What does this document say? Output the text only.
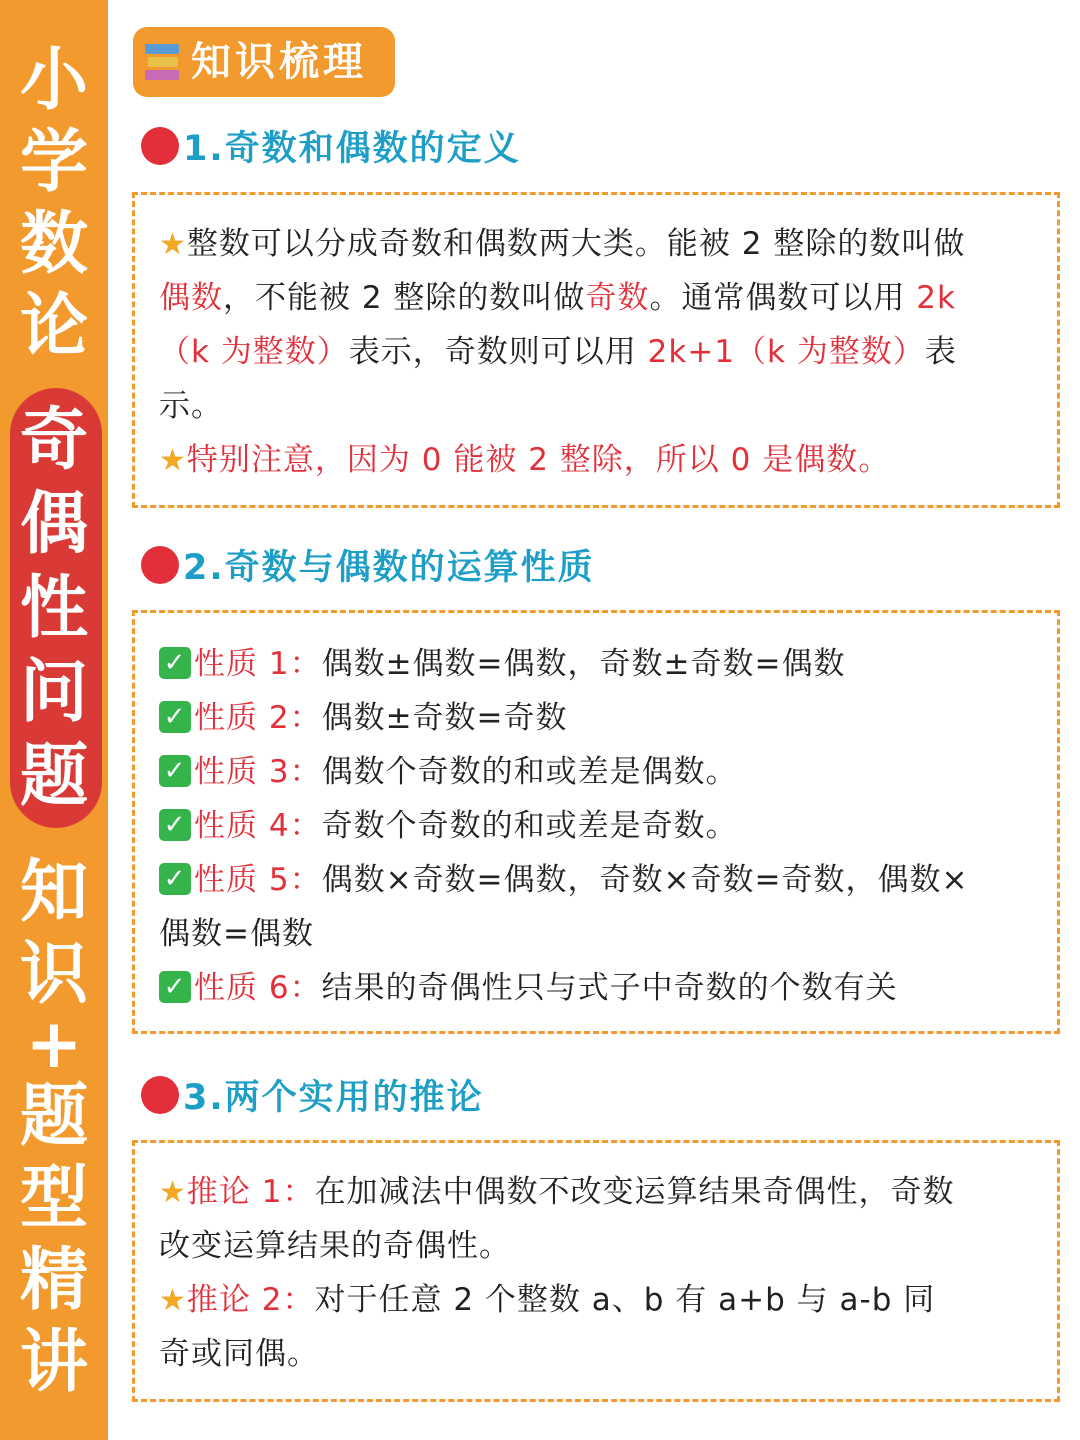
小
学
数
论
奇
偶
性
问
题
知
识
+
题
型
精
讲
知识梳理
1.奇数和偶数的定义
★整数可以分成奇数和偶数两大类。能被 2 整除的数叫做
偶数，不能被 2 整除的数叫做奇数。通常偶数可以用 2k
（k 为整数）表示，奇数则可以用 2k+1（k 为整数）表
示。
★特别注意，因为 0 能被 2 整除，所以 0 是偶数。
2.奇数与偶数的运算性质
✓ 性质 1：偶数±偶数=偶数，奇数±奇数=偶数
✓ 性质 2：偶数±奇数=奇数
✓ 性质 3：偶数个奇数的和或差是偶数。
✓ 性质 4：奇数个奇数的和或差是奇数。
✓ 性质 5：偶数×奇数=偶数，奇数×奇数=奇数，偶数×
偶数=偶数
✓ 性质 6：结果的奇偶性只与式子中奇数的个数有关
3.两个实用的推论
★推论 1：在加减法中偶数不改变运算结果奇偶性，奇数
改变运算结果的奇偶性。
★推论 2：对于任意 2 个整数 a、b 有 a+b 与 a-b 同
奇或同偶。
